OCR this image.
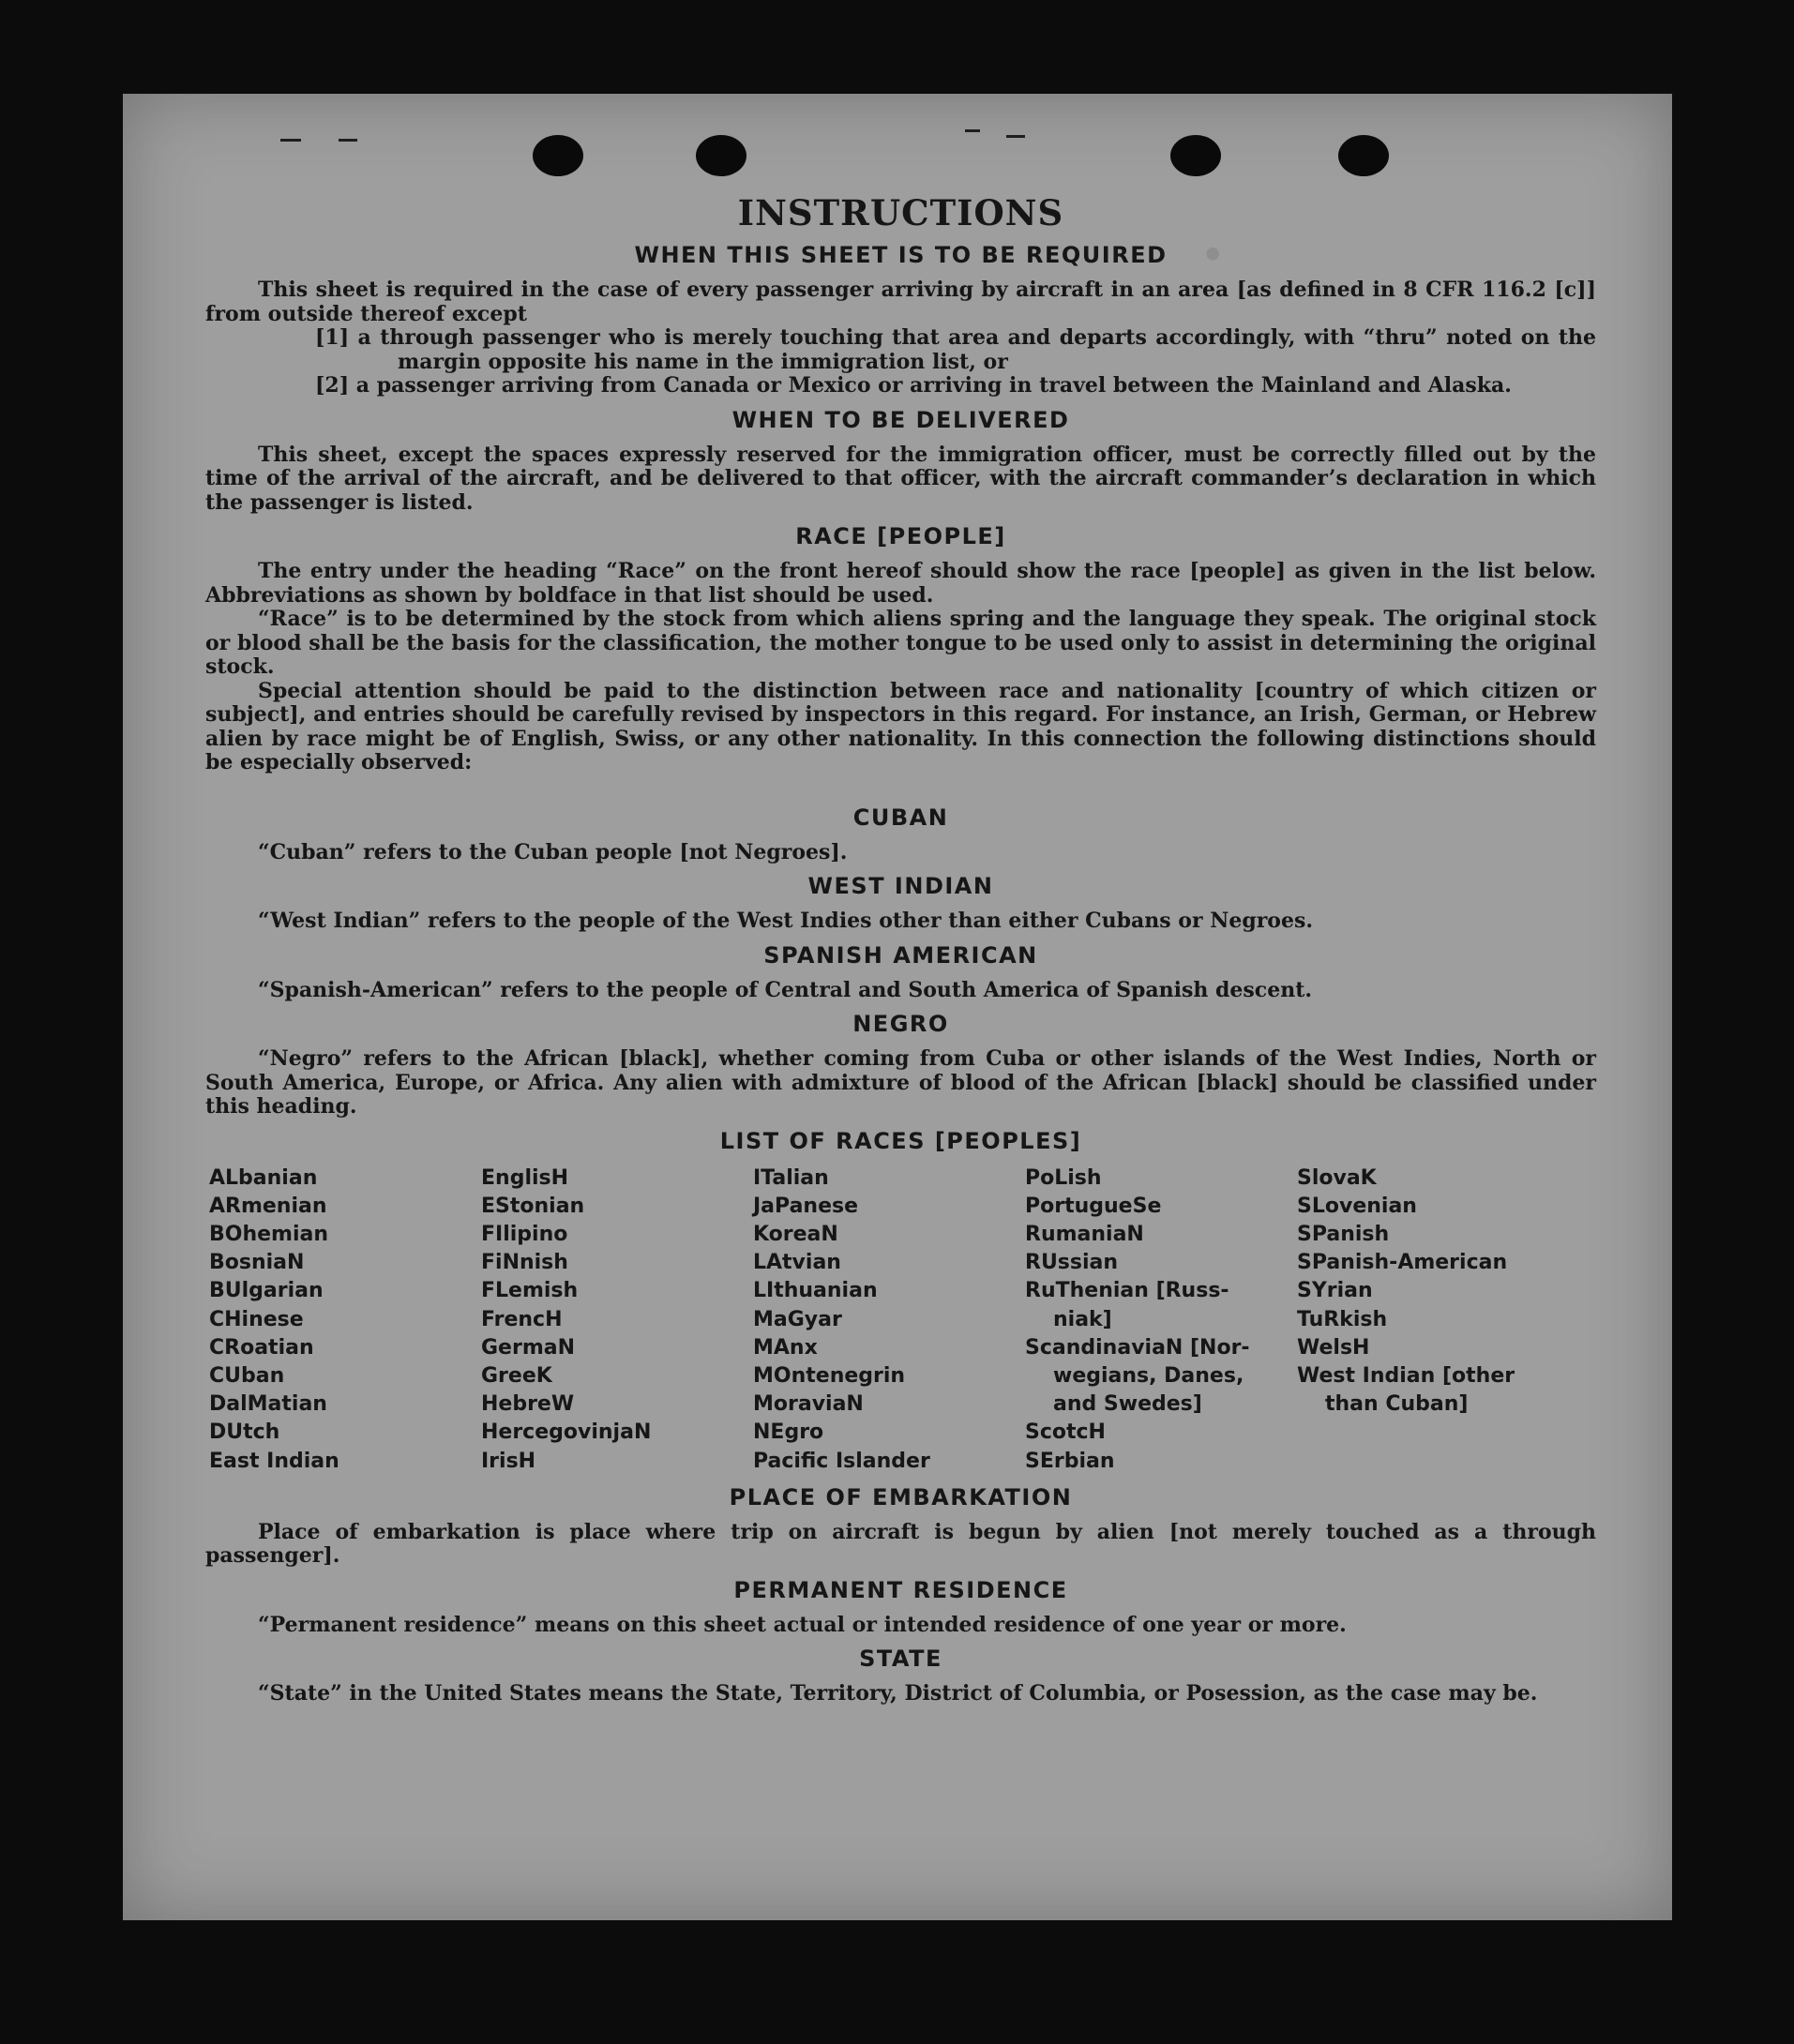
•
INSTRUCTIONS
WHEN THIS SHEET IS TO BE REQUIRED

This sheet is required in the case of every passenger arriving by aircraft in an area [as defined in 8 CFR 116.2 [c]] from outside thereof except

[1] a through passenger who is merely touching that area and departs accordingly, with “thru” noted on the margin opposite his name in the immigration list, or

[2] a passenger arriving from Canada or Mexico or arriving in travel between the Mainland and Alaska.

WHEN TO BE DELIVERED

This sheet, except the spaces expressly reserved for the immigration officer, must be correctly filled out by the time of the arrival of the aircraft, and be delivered to that officer, with the aircraft commander’s declaration in which the passenger is listed.

RACE [PEOPLE]

The entry under the heading “Race” on the front hereof should show the race [people] as given in the list below. Abbreviations as shown by boldface in that list should be used.

“Race” is to be determined by the stock from which aliens spring and the language they speak. The original stock or blood shall be the basis for the classification, the mother tongue to be used only to assist in determining the original stock.

Special attention should be paid to the distinction between race and nationality [country of which citizen or subject], and entries should be carefully revised by inspectors in this regard. For instance, an Irish, German, or Hebrew alien by race might be of English, Swiss, or any other nationality. In this connection the following distinctions should be especially observed:

CUBAN

“Cuban” refers to the Cuban people [not Negroes].

WEST INDIAN

“West Indian” refers to the people of the West Indies other than either Cubans or Negroes.

SPANISH AMERICAN

“Spanish-American” refers to the people of Central and South America of Spanish descent.

NEGRO

“Negro” refers to the African [black], whether coming from Cuba or other islands of the West Indies, North or South America, Europe, or Africa. Any alien with admixture of blood of the African [black] should be classified under this heading.

LIST OF RACES [PEOPLES]
ALbanian
ARmenian
BOhemian
BosniaN
BUlgarian
CHinese
CRoatian
CUban
DalMatian
DUtch
East Indian
EnglisH
EStonian
FIlipino
FiNnish
FLemish
FrencH
GermaN
GreeK
HebreW
HercegovinjaN
IrisH
ITalian
JaPanese
KoreaN
LAtvian
LIthuanian
MaGyar
MAnx
MOntenegrin
MoraviaN
NEgro
Pacific Islander
PoLish
PortugueSe
RumaniaN
RUssian
RuThenian [Russ-
niak]
ScandinaviaN [Nor-
wegians, Danes,
and Swedes]
ScotcH
SErbian
SlovaK
SLovenian
SPanish
SPanish-American
SYrian
TuRkish
WelsH
West Indian [other
than Cuban]
PLACE OF EMBARKATION

Place of embarkation is place where trip on aircraft is begun by alien [not merely touched as a through passenger].

PERMANENT RESIDENCE

“Permanent residence” means on this sheet actual or intended residence of one year or more.

STATE

“State” in the United States means the State, Territory, District of Columbia, or Posession, as the case may be.
